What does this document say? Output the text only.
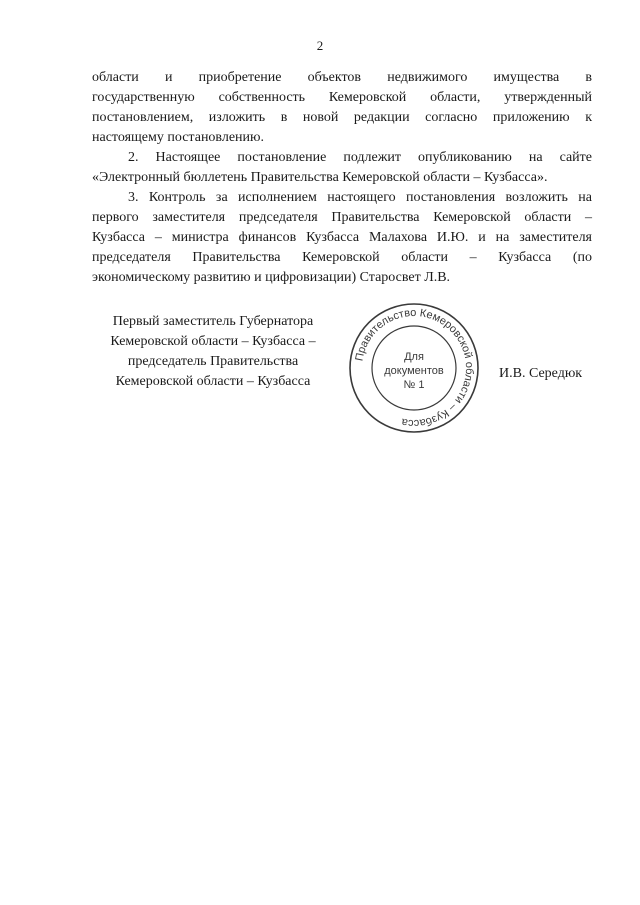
2
области и приобретение объектов недвижимого имущества в
государственную собственность Кемеровской области, утвержденный
постановлением, изложить в новой редакции согласно приложению к
настоящему постановлению.
2. Настоящее постановление подлежит опубликованию на сайте
«Электронный бюллетень Правительства Кемеровской области – Кузбасса».
3. Контроль за исполнением настоящего постановления возложить на
первого заместителя председателя Правительства Кемеровской области –
Кузбасса – министра финансов Кузбасса Малахова И.Ю. и на заместителя
председателя Правительства Кемеровской области – Кузбасса (по
экономическому развитию и цифровизации) Старосвет Л.В.
Первый заместитель Губернатора
Кемеровской области – Кузбасса –
председатель Правительства
Кемеровской области – Кузбасса
Правительство Кемеровской области – Кузбасса
Для
документов
№ 1
И.В. Середюк
